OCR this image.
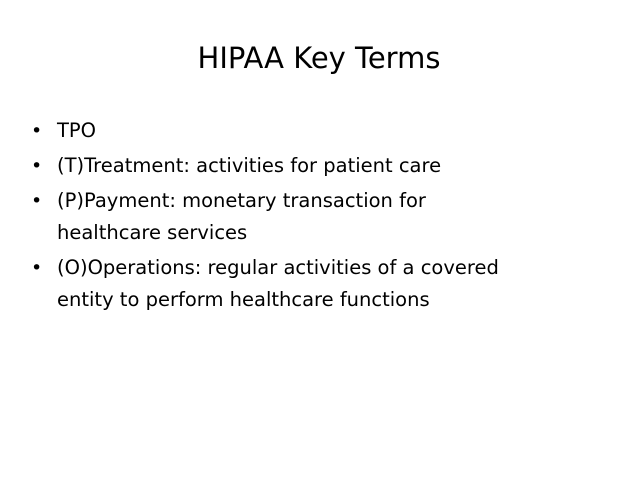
HIPAA Key Terms
• TPO
• (T)Treatment: activities for patient care
• (P)Payment: monetary transaction for
healthcare services
• (O)Operations: regular activities of a covered
entity to perform healthcare functions
